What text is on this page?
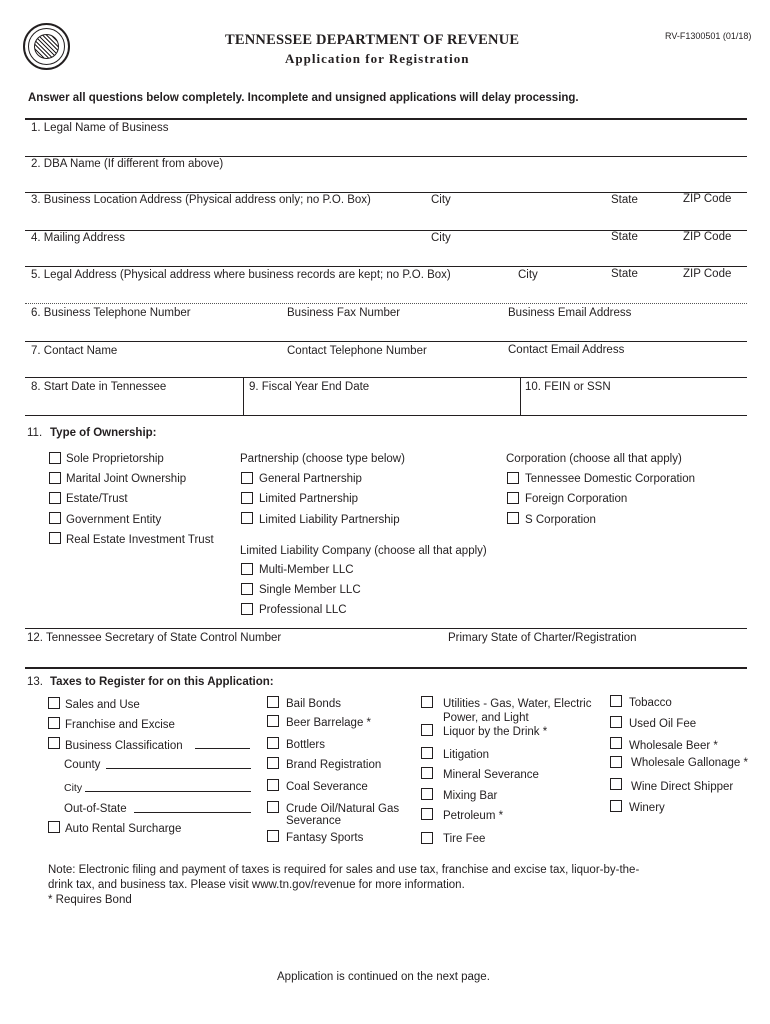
TENNESSEE DEPARTMENT OF REVENUE
Application for Registration
RV-F1300501 (01/18)
Answer all questions below completely. Incomplete and unsigned applications will delay processing.
1. Legal Name of Business
2. DBA Name (If different from above)
3. Business Location Address (Physical address only; no P.O. Box)	City	State	ZIP Code
4. Mailing Address	City	State	ZIP Code
5. Legal Address (Physical address where business records are kept; no P.O. Box)	City	State	ZIP Code
6. Business Telephone Number	Business Fax Number	Business Email Address
7. Contact Name	Contact Telephone Number	Contact Email Address
8. Start Date in Tennessee	9. Fiscal Year End Date	10. FEIN or SSN
11. Type of Ownership:
Sole Proprietorship
Marital Joint Ownership
Estate/Trust
Government Entity
Real Estate Investment Trust
Partnership (choose type below)
General Partnership
Limited Partnership
Limited Liability Partnership
Limited Liability Company (choose all that apply)
Multi-Member LLC
Single Member LLC
Professional LLC
Corporation (choose all that apply)
Tennessee Domestic Corporation
Foreign Corporation
S Corporation
12. Tennessee Secretary of State Control Number	Primary State of Charter/Registration
13. Taxes to Register for on this Application:
Sales and Use
Franchise and Excise
Business Classification
County
City
Out-of-State
Auto Rental Surcharge
Bail Bonds
Beer Barrelage *
Bottlers
Brand Registration
Coal Severance
Crude Oil/Natural Gas
Severance
Fantasy Sports
Utilities - Gas, Water, Electric
Power, and Light
Liquor by the Drink *
Litigation
Mineral Severance
Mixing Bar
Petroleum *
Tire Fee
Tobacco
Used Oil Fee
Wholesale Beer *
Wholesale Gallonage *
Wine Direct Shipper
Winery
Note: Electronic filing and payment of taxes is required for sales and use tax, franchise and excise tax, liquor-by-the-
drink tax, and business tax. Please visit www.tn.gov/revenue for more information.
* Requires Bond
Application is continued on the next page.
